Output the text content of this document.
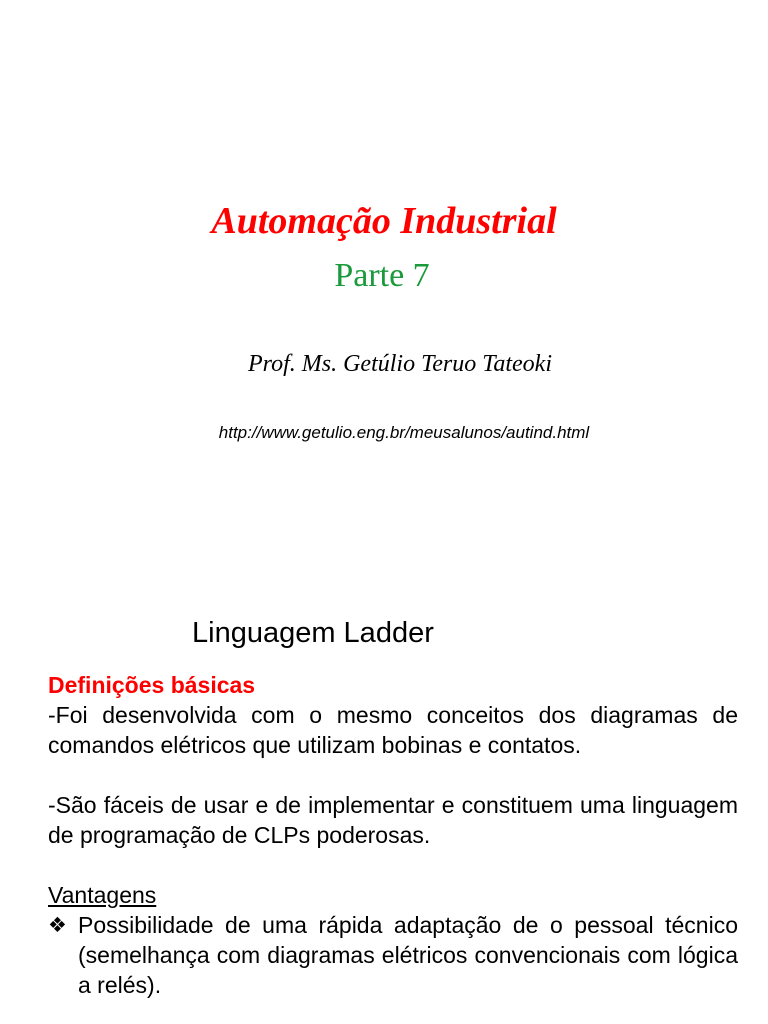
Automação Industrial
Parte 7
Prof. Ms. Getúlio Teruo Tateoki
http://www.getulio.eng.br/meusalunos/autind.html
Linguagem Ladder

Definições básicas

-Foi desenvolvida com o mesmo conceitos dos diagramas de comandos elétricos que utilizam bobinas e contatos.

-São fáceis de usar e de implementar e constituem uma linguagem de programação de CLPs poderosas.

Vantagens

❖ Possibilidade de uma rápida adaptação de o pessoal técnico (semelhança com diagramas elétricos convencionais com lógica a relés).
